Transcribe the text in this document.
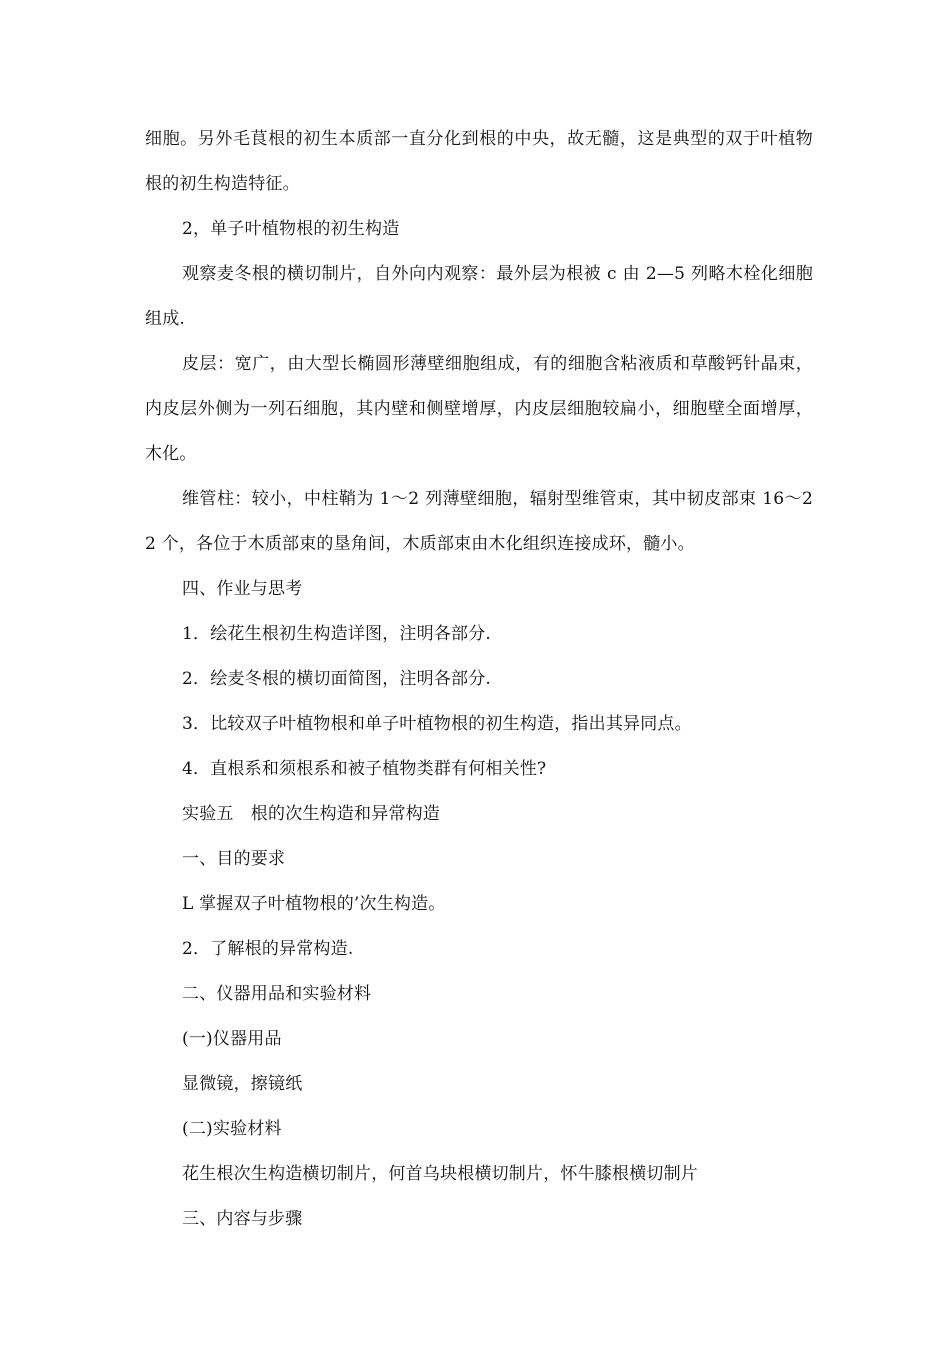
细胞。另外毛茛根的初生本质部一直分化到根的中央，故无髓，这是典型的双于叶植物根的初生构造特征。

2，单子叶植物根的初生构造

观察麦冬根的横切制片，自外向内观察：最外层为根被 c 由 2—5 列略木栓化细胞组成.

皮层：宽广，由大型长椭圆形薄壁细胞组成，有的细胞含粘液质和草酸钙针晶束，内皮层外侧为一列石细胞，其内壁和侧壁增厚，内皮层细胞较扁小，细胞壁全面增厚，木化。

维管柱：较小，中柱鞘为 1～2 列薄壁细胞，辐射型维管束，其中韧皮部束 16～22 个，各位于木质部束的垦角间，木质部束由木化组织连接成环，髓小。

四、作业与思考

1．绘花生根初生构造详图，注明各部分.

2．绘麦冬根的横切面简图，注明各部分.

3．比较双子叶植物根和单子叶植物根的初生构造，指出其异同点。

4．直根系和须根系和被子植物类群有何相关性?

实验五　根的次生构造和异常构造

一、目的要求

L 掌握双子叶植物根的’次生构造。

2．了解根的异常构造.

二、仪器用品和实验材料

(一)仪器用品

显微镜，擦镜纸

(二)实验材料

花生根次生构造横切制片，何首乌块根横切制片，怀牛膝根横切制片

三、内容与步骤
